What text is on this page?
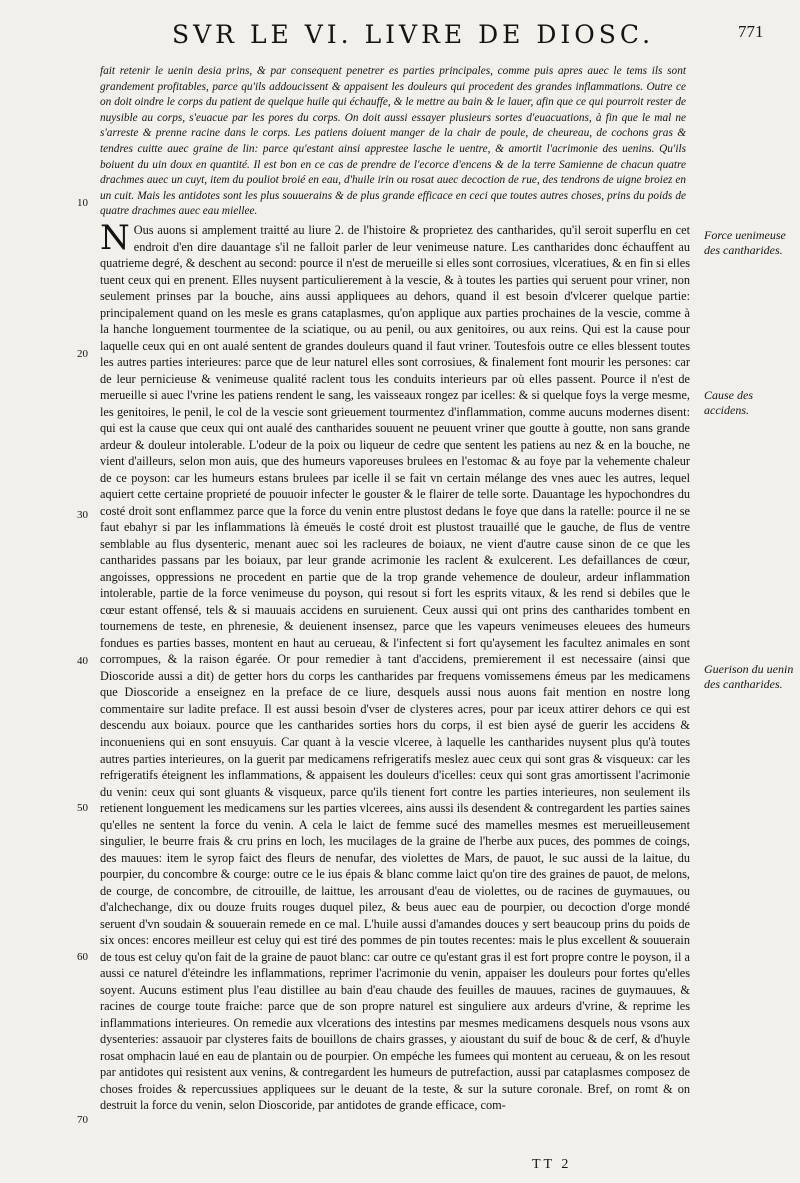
SVR LE VI. LIVRE DE DIOSC.	771
fait retenir le uenin desia prins, & par consequent penetrer es parties principales, comme puis apres auec le tems ils sont grandement profitables, parce qu'ils addoucissent & appaisent les douleurs qui procedent des grandes inflammations. Outre ce on doit oindre le corps du patient de quelque huile qui échauffe, & le mettre au bain & le lauer, afin que ce qui pourroit rester de nuysible au corps, s'euacue par les pores du corps. On doit aussi essayer plusieurs sortes d'euacuations, à fin que le mal ne s'arreste & prenne racine dans le corps. Les patiens doiuent manger de la chair de poule, de cheureau, de cochons gras & tendres cuitte auec graine de lin: parce qu'estant ainsi apprestee lasche le uentre, & amortit l'acrimonie des uenins. Qu'ils boiuent du uin doux en quantité. Il est bon en ce cas de prendre de l'ecorce d'encens & de la terre Samienne de chacun quatre drachmes auec un cuyt, item du pouliot broié en eau, d'huile irin ou rosat auec decoction de rue, des tendrons de uigne broiez en un cuit. Mais les antidotes sont les plus souuerains & de plus grande efficace en ceci que toutes autres choses, prins du poids de quatre drachmes auec eau miellee.

N Ous auons si amplement traitté au liure 2. de l'histoire & proprietez des cantharides, qu'il seroit superflu en cet endroit d'en dire dauantage s'il ne falloit parler de leur venimeuse nature. Les cantharides donc échauffent au quatrieme degré, & deschent au second: pource il n'est de merueille si elles sont corrosiues, vlceratiues, & en fin si elles tuent ceux qui en prenent. Elles nuysent particulierement à la vescie, & à toutes les parties qui seruent pour vriner, non seulement prinses par la bouche, ains aussi appliquees au dehors, quand il est besoin d'vlcerer quelque partie: principalement quand on les mesle es grans cataplasmes, qu'on applique aux parties prochaines de la vescie, comme à la hanche longuement tourmentee de la sciatique, ou au penil, ou aux genitoires, ou aux reins. Qui est la cause pour laquelle ceux qui en ont aualé sentent de grandes douleurs quand il faut vriner. Toutesfois outre ce elles blessent toutes les autres parties interieures: parce que de leur naturel elles sont corrosiues, & finalement font mourir les persones: car de leur pernicieuse & venimeuse qualité raclent tous les conduits interieurs par où elles passent. Pource il n'est de merueille si auec l'vrine les patiens rendent le sang, les vaisseaux rongez par icelles: & si quelque foys la verge mesme, les genitoires, le penil, le col de la vescie sont grieuement tourmentez d'inflammation, comme aucuns modernes disent: qui est la cause que ceux qui ont aualé des cantharides souuent ne peuuent vriner que goutte à goutte, non sans grande ardeur & douleur intolerable. L'odeur de la poix ou liqueur de cedre que sentent les patiens au nez & en la bouche, ne vient d'ailleurs, selon mon auis, que des humeurs vaporeuses brulees en l'estomac & au foye par la vehemente chaleur de ce poyson: car les humeurs estans brulees par icelle il se fait vn certain mélange des vnes auec les autres, lequel aquiert cette certaine proprieté de pouuoir infecter le gouster & le flairer de telle sorte. Dauantage les hypochondres du costé droit sont enflammez parce que la force du venin entre plustost dedans le foye que dans la ratelle: pource il ne se faut ebahyr si par les inflammations là émeuës le costé droit est plustost trauaillé que le gauche, de flus de ventre semblable au flus dysenteric, menant auec soi les racleures de boiaux, ne vient d'autre cause sinon de ce que les cantharides passans par les boiaux, par leur grande acrimonie les raclent & exulcerent. Les defaillances de cœur, angoisses, oppressions ne procedent en partie que de la trop grande vehemence de douleur, ardeur inflammation intolerable, partie de la force venimeuse du poyson, qui resout si fort les esprits vitaux, & les rend si debiles que le cœur estant offensé, tels & si mauuais accidens en suruienent. Ceux aussi qui ont prins des cantharides tombent en tournemens de teste, en phrenesie, & deuienent insensez, parce que les vapeurs venimeuses eleuees des humeurs fondues es parties basses, montent en haut au cerueau, & l'infectent si fort qu'aysement les facultez animales en sont corrompues, & la raison égarée. Or pour remedier à tant d'accidens, premierement il est necessaire (ainsi que Dioscoride aussi a dit) de getter hors du corps les cantharides par frequens vomissemens émeus par les medicamens que Dioscoride a enseignez en la preface de ce liure, desquels aussi nous auons fait mention en nostre long commentaire sur ladite preface. Il est aussi besoin d'vser de clysteres acres, pour par iceux attirer dehors ce qui est descendu aux boiaux. pource que les cantharides sorties hors du corps, il est bien aysé de guerir les accidens & inconueniens qui en sont ensuyuis. Car quant à la vescie vlceree, à laquelle les cantharides nuysent plus qu'à toutes autres parties interieures, on la guerit par medicamens refrigeratifs meslez auec ceux qui sont gras & visqueux: car les refrigeratifs éteignent les inflammations, & appaisent les douleurs d'icelles: ceux qui sont gras amortissent l'acrimonie du venin: ceux qui sont gluants & visqueux, parce qu'ils tienent fort contre les parties interieures, non seulement ils retienent longuement les medicamens sur les parties vlcerees, ains aussi ils desendent & contregardent les parties saines qu'elles ne sentent la force du venin. A cela le laict de femme sucé des mamelles mesmes est merueilleusement singulier, le beurre frais & cru prins en loch, les mucilages de la graine de l'herbe aux puces, des pommes de coings, des mauues: item le syrop faict des fleurs de nenufar, des violettes de Mars, de pauot, le suc aussi de la laitue, du pourpier, du concombre & courge: outre ce le ius épais & blanc comme laict qu'on tire des graines de pauot, de melons, de courge, de concombre, de citrouille, de laittue, les arrousant d'eau de violettes, ou de racines de guymauues, ou d'alchechange, dix ou douze fruits rouges duquel pilez, & beus auec eau de pourpier, ou decoction d'orge mondé seruent d'vn soudain & souuerain remede en ce mal. L'huile aussi d'amandes douces y sert beaucoup prins du poids de six onces: encores meilleur est celuy qui est tiré des pommes de pin toutes recentes: mais le plus excellent & souuerain de tous est celuy qu'on fait de la graine de pauot blanc: car outre ce qu'estant gras il est fort propre contre le poyson, il a aussi ce naturel d'éteindre les inflammations, reprimer l'acrimonie du venin, appaiser les douleurs pour fortes qu'elles soyent. Aucuns estiment plus l'eau distillee au bain d'eau chaude des feuilles de mauues, racines de guymauues, & racines de courge toute fraiche: parce que de son propre naturel est singuliere aux ardeurs d'vrine, & reprime les inflammations interieures. On remedie aux vlcerations des intestins par mesmes medicamens desquels nous vsons aux dysenteries: assauoir par clysteres faits de bouillons de chairs grasses, y aioustant du suif de bouc & de cerf, & d'huyle rosat omphacin laué en eau de plantain ou de pourpier. On empéche les fumees qui montent au cerueau, & on les resout par antidotes qui resistent aux venins, & contregardent les humeurs de putrefaction, aussi par cataplasmes composez de choses froides & repercussiues appliquees sur le deuant de la teste, & sur la suture coronale. Bref, on romt & on destruit la force du venin, selon Dioscoride, par antidotes de grande efficace, com-

10
20
30
40
50
60
70
Force uenimeuse des cantharides.
Cause des accidens.
Guerison du uenin des cantharides.
TT 2
